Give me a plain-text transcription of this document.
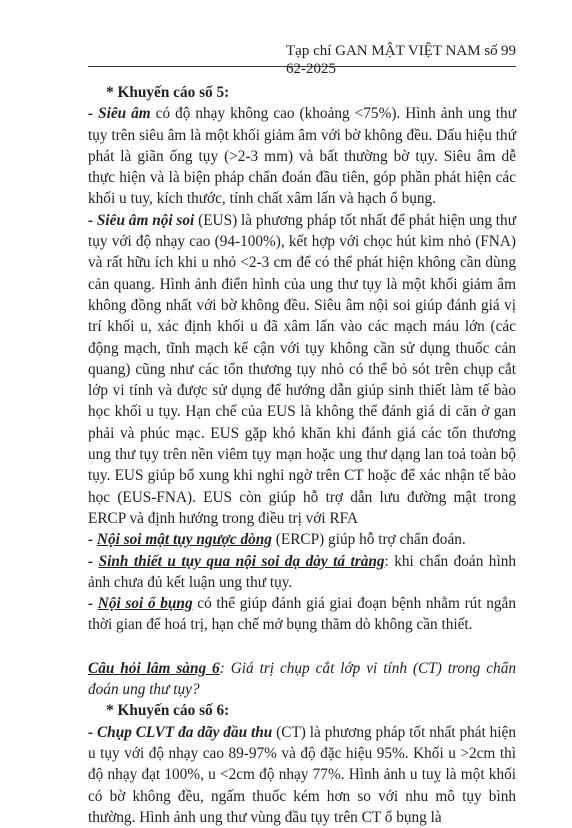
Tạp chí GAN MẬT VIỆT NAM số 62-2025
99

* Khuyến cáo số 5:

- Siêu âm có độ nhạy không cao (khoảng <75%). Hình ảnh ung thư tụy trên siêu âm là một khối giảm âm với bờ không đều. Dấu hiệu thứ phát là giãn ống tụy (>2-3 mm) và bất thường bờ tụy. Siêu âm dễ thực hiện và là biện pháp chẩn đoán đầu tiên, góp phần phát hiện các khối u tuy, kích thước, tính chất xâm lấn và hạch ổ bụng.

- Siêu âm nội soi (EUS) là phương pháp tốt nhất để phát hiện ung thư tụy với độ nhạy cao (94-100%), kết hợp với chọc hút kim nhỏ (FNA) và rất hữu ích khi u nhỏ <2-3 cm để có thể phát hiện không cần dùng cản quang. Hình ảnh điển hình của ung thư tụy là một khối giảm âm không đồng nhất với bờ không đều. Siêu âm nội soi giúp đánh giá vị trí khối u, xác định khối u đã xâm lấn vào các mạch máu lớn (các động mạch, tĩnh mạch kế cận với tụy không cần sử dụng thuốc cản quang) cũng như các tổn thương tụy nhỏ có thể bỏ sót trên chụp cắt lớp vi tính và được sử dụng để hướng dẫn giúp sinh thiết làm tế bào học khối u tụy. Hạn chế của EUS là không thể đánh giá di căn ở gan phải và phúc mạc. EUS gặp khó khăn khi đánh giá các tổn thương ung thư tụy trên nền viêm tụy mạn hoặc ung thư dạng lan toả toàn bộ tụy. EUS giúp bổ xung khi nghi ngờ trên CT hoặc để xác nhận tế bào học (EUS-FNA). EUS còn giúp hỗ trợ dẫn lưu đường mật trong ERCP và định hướng trong điều trị với RFA

- Nội soi mật tụy ngược dòng (ERCP) giúp hỗ trợ chẩn đoán.

- Sinh thiết u tụy qua nội soi dạ dày tá tràng: khi chẩn đoán hình ảnh chưa đủ kết luận ung thư tụy.

- Nội soi ổ bụng có thể giúp đánh giá giai đoạn bệnh nhằm rút ngắn thời gian để hoá trị, hạn chế mở bụng thăm dò không cần thiết.

Câu hỏi lâm sàng 6: Giá trị chụp cắt lớp vi tính (CT) trong chẩn đoán ung thư tụy?

* Khuyến cáo số 6:

- Chụp CLVT đa dãy đầu thu (CT) là phương pháp tốt nhất phát hiện u tụy với độ nhạy cao 89-97% và độ đặc hiệu 95%. Khối u >2cm thì độ nhạy đạt 100%, u <2cm độ nhạy 77%. Hình ảnh u tuỵ là một khối có bờ không đều, ngấm thuốc kém hơn so với nhu mô tụy bình thường. Hình ảnh ung thư vùng đầu tụy trên CT ổ bụng là
